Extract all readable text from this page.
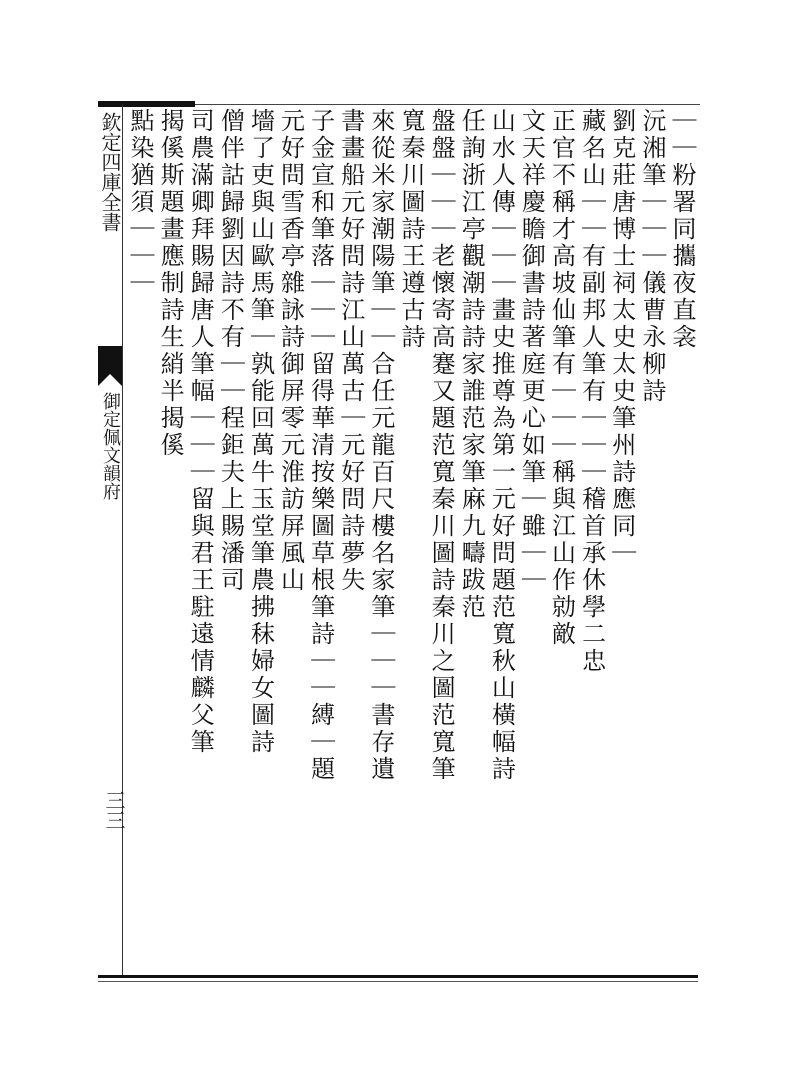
欽定四庫全書
御定佩文韻府
三三
｜｜粉署同攜夜直衾
沅湘筆｜｜｜儀曹永柳詩
劉克莊唐博士祠太史太史筆州詩應同｜
藏名山｜｜有副邦人筆有｜｜｜稽首承休學二忠
正官不稱才高坡仙筆有｜｜｜稱與江山作勍敵
文天祥慶瞻御書詩著庭更心如筆｜雖｜｜
山水人傳｜｜｜畫史推尊為第一元好問題范寬秋山橫幅詩
任詢浙江亭觀潮詩詩家誰范家筆麻九疇跋范
盤盤｜｜｜老懷寄高蹇又題范寬秦川圖詩秦川之圖范寬筆
寬秦川圖詩王遵古詩
來從米家潮陽筆｜｜合任元龍百尺樓名家筆｜｜｜書存遺
書畫船元好問詩江山萬古｜元好問詩夢失
子金宣和筆落｜｜｜留得華清按樂圖草根筆詩｜｜縛｜題
元好問雪香亭雜詠詩御屏零元淮訪屏風山
墻了吏與山歐馬筆｜孰能回萬牛玉堂筆農拂秣婦女圖詩
僧伴詁歸劉因詩不有｜｜程鉅夫上賜潘司
司農滿卿拜賜歸唐人筆幅｜｜｜留與君王駐遠情麟父筆
揭傒斯題畫應制詩生綃半揭傒
點染猶須｜｜｜
